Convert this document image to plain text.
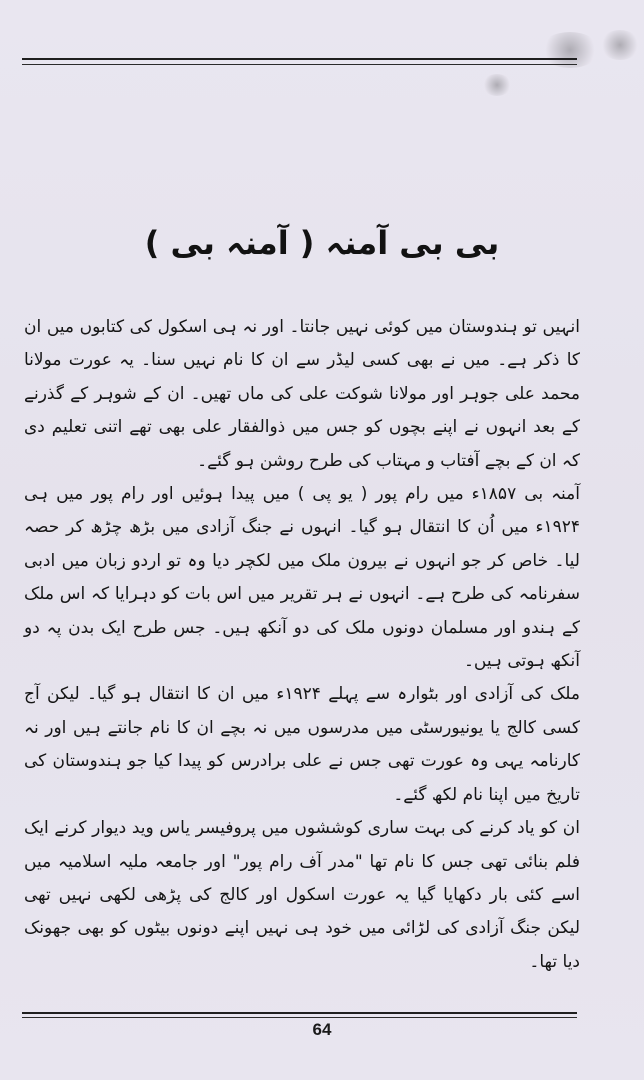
بی بی آمنہ ( آمنہ بی )

انہیں تو ہندوستان میں کوئی نہیں جانتا۔ اور نہ ہی اسکول کی کتابوں میں ان کا ذکر ہے۔ میں نے بھی کسی لیڈر سے ان کا نام نہیں سنا۔ یہ عورت مولانا محمد علی جوہر اور مولانا شوکت علی کی ماں تھیں۔ ان کے شوہر کے گذرنے کے بعد انہوں نے اپنے بچوں کو جس میں ذوالفقار علی بھی تھے اتنی تعلیم دی کہ ان کے بچے آفتاب و مہتاب کی طرح روشن ہو گئے۔

آمنہ بی ۱۸۵۷ء میں رام پور ( یو پی ) میں پیدا ہوئیں اور رام پور میں ہی ۱۹۲۴ء میں اُن کا انتقال ہو گیا۔ انہوں نے جنگ آزادی میں بڑھ چڑھ کر حصہ لیا۔ خاص کر جو انہوں نے بیرون ملک میں لکچر دیا وہ تو اردو زبان میں ادبی سفرنامہ کی طرح ہے۔ انہوں نے ہر تقریر میں اس بات کو دہرایا کہ اس ملک کے ہندو اور مسلمان دونوں ملک کی دو آنکھ ہیں۔ جس طرح ایک بدن پہ دو آنکھ ہوتی ہیں۔

ملک کی آزادی اور بٹوارہ سے پہلے ۱۹۲۴ء میں ان کا انتقال ہو گیا۔ لیکن آج کسی کالج یا یونیورسٹی میں مدرسوں میں نہ بچے ان کا نام جانتے ہیں اور نہ کارنامہ یہی وہ عورت تھی جس نے علی برادرس کو پیدا کیا جو ہندوستان کی تاریخ میں اپنا نام لکھ گئے۔

ان کو یاد کرنے کی بہت ساری کوششوں میں پروفیسر یاس وید دیوار کرنے ایک فلم بنائی تھی جس کا نام تھا "مدر آف رام پور" اور جامعہ ملیہ اسلامیہ میں اسے کئی بار دکھایا گیا یہ عورت اسکول اور کالج کی پڑھی لکھی نہیں تھی لیکن جنگ آزادی کی لڑائی میں خود ہی نہیں اپنے دونوں بیٹوں کو بھی جھونک دیا تھا۔

64
